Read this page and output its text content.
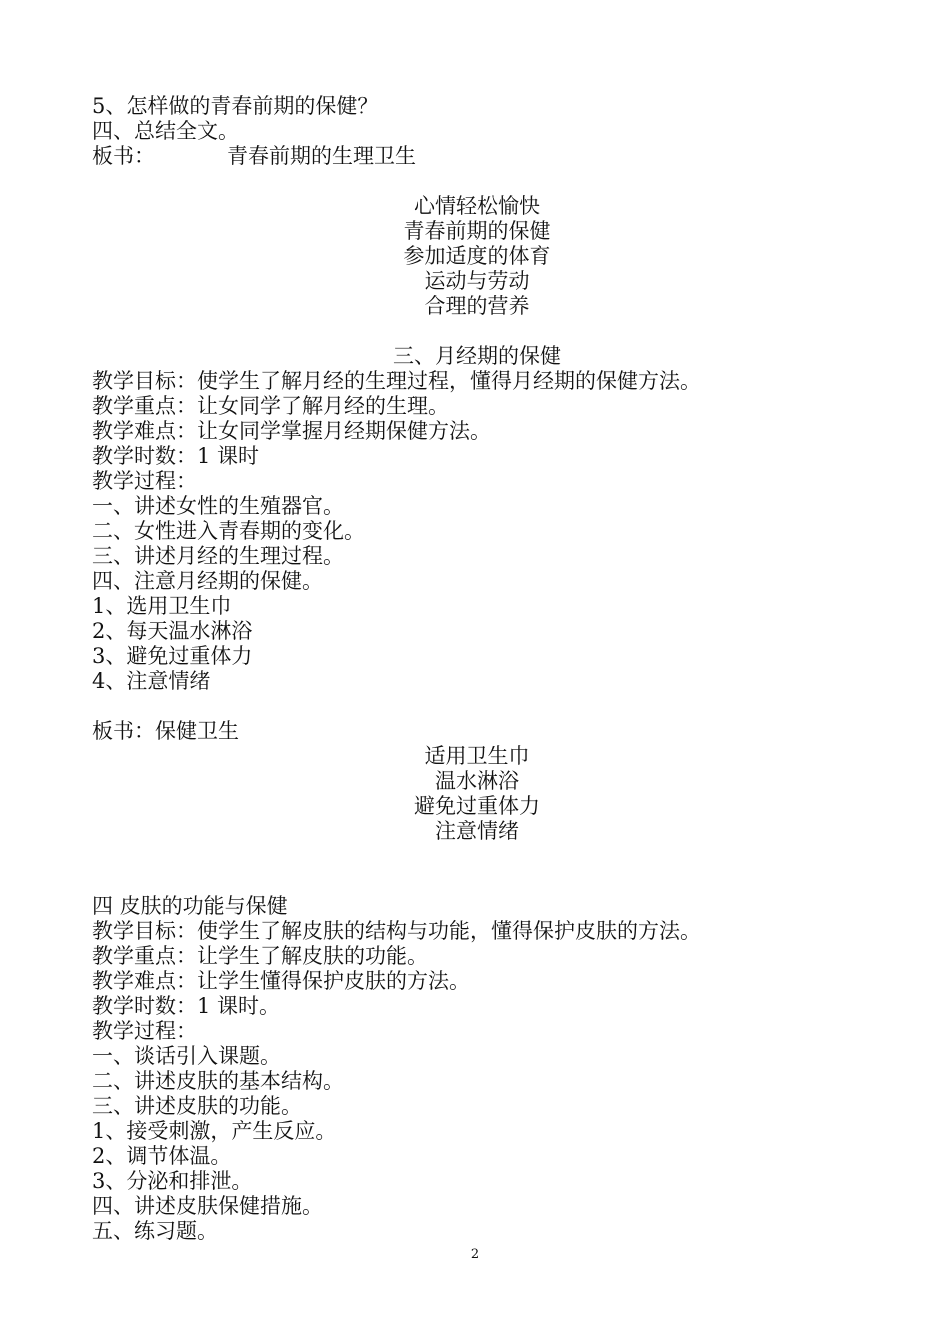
5、怎样做的青春前期的保健？
四、总结全文。
板书：	青春前期的生理卫生
心情轻松愉快
青春前期的保健
参加适度的体育
运动与劳动
合理的营养
三、月经期的保健
教学目标：使学生了解月经的生理过程，懂得月经期的保健方法。
教学重点：让女同学了解月经的生理。
教学难点：让女同学掌握月经期保健方法。
教学时数：1 课时
教学过程：
一、讲述女性的生殖器官。
二、女性进入青春期的变化。
三、讲述月经的生理过程。
四、注意月经期的保健。
1、选用卫生巾
2、每天温水淋浴
3、避免过重体力
4、注意情绪
板书：保健卫生
适用卫生巾
温水淋浴
避免过重体力
注意情绪
四 皮肤的功能与保健
教学目标：使学生了解皮肤的结构与功能，懂得保护皮肤的方法。
教学重点：让学生了解皮肤的功能。
教学难点：让学生懂得保护皮肤的方法。
教学时数：1 课时。
教学过程：
一、谈话引入课题。
二、讲述皮肤的基本结构。
三、讲述皮肤的功能。
1、接受刺激，产生反应。
2、调节体温。
3、分泌和排泄。
四、讲述皮肤保健措施。
五、练习题。
2
